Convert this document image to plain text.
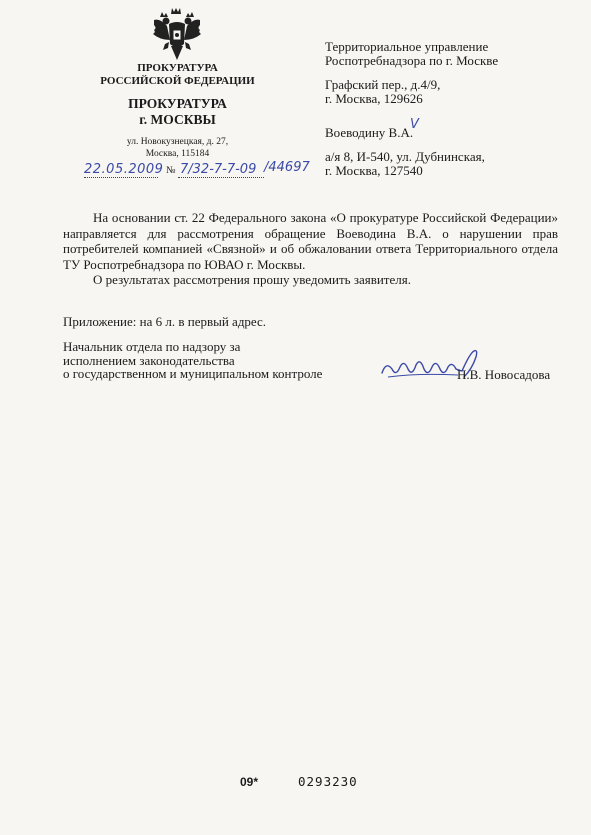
ПРОКУРАТУРА
РОССИЙСКОЙ ФЕДЕРАЦИИ
ПРОКУРАТУРА
г. МОСКВЫ
ул. Новокузнецкая, д. 27,
Москва, 115184
22.05.2009 № 7/32-7-7-09 /44697

Территориальное управление

Роспотребнадзора по г. Москве

Графский пер., д.4/9,

г. Москва, 129626

Воеводину В.А.

а/я 8, И-540, ул. Дубнинская,

г. Москва, 127540

V

На основании ст. 22 Федерального закона «О прокуратуре Российской Федерации» направляется для рассмотрения обращение Воеводина В.А. о нарушении прав потребителей компанией «Связной» и об обжаловании ответа Территориального отдела ТУ Роспотребнадзора по ЮВАО г. Москвы.

О результатах рассмотрения прошу уведомить заявителя.

Приложение: на 6 л. в первый адрес.
Начальник отдела по надзору за
исполнением законодательства
о государственном и муниципальном контроле	Н.В. Новосадова
09*	0293230
